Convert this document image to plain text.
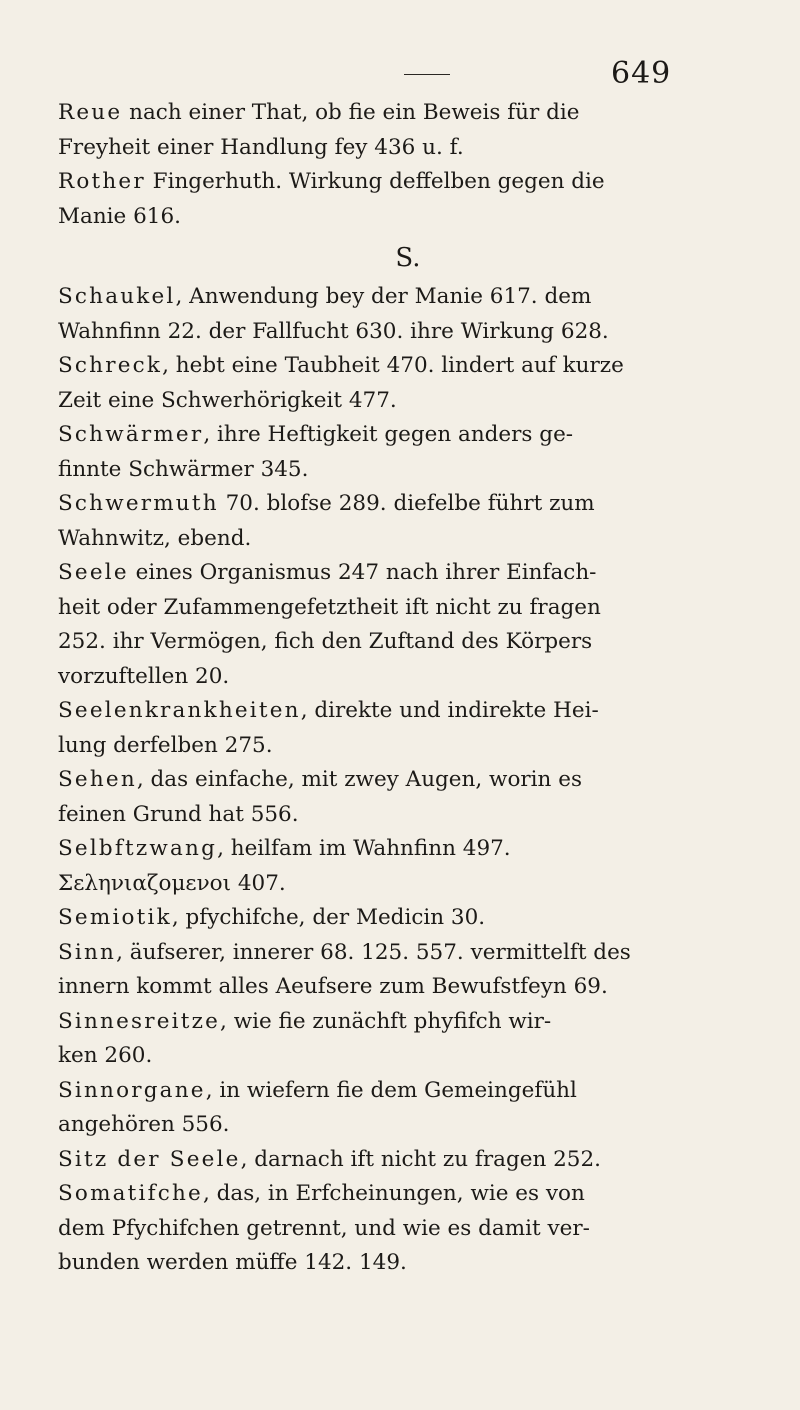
649

Reue nach einer That, ob fie ein Beweis für die
Freyheit einer Handlung fey 436 u. f.

Rother Fingerhuth. Wirkung deffelben gegen die
Manie 616.

S.

Schaukel, Anwendung bey der Manie 617. dem
Wahnfinn 22. der Fallfucht 630. ihre Wirkung 628.

Schreck, hebt eine Taubheit 470. lindert auf kurze
Zeit eine Schwerhörigkeit 477.

Schwärmer, ihre Heftigkeit gegen anders ge-
finnte Schwärmer 345.

Schwermuth 70. blofse 289. diefelbe führt zum
Wahnwitz, ebend.

Seele eines Organismus 247 nach ihrer Einfach-
heit oder Zufammengefetztheit ift nicht zu fragen
252. ihr Vermögen, fich den Zuftand des Körpers
vorzuftellen 20.

Seelenkrankheiten, direkte und indirekte Hei-
lung derfelben 275.

Sehen, das einfache, mit zwey Augen, worin es
feinen Grund hat 556.

Selbftzwang, heilfam im Wahnfinn 497.

Σεληνιαζομενοι 407.

Semiotik, pfychifche, der Medicin 30.

Sinn, äufserer, innerer 68. 125. 557. vermittelft des
innern kommt alles Aeufsere zum Bewufstfeyn 69.

Sinnesreitze, wie fie zunächft phyfifch wir-
ken 260.

Sinnorgane, in wiefern fie dem Gemeingefühl
angehören 556.

Sitz der Seele, darnach ift nicht zu fragen 252.

Somatifche, das, in Erfcheinungen, wie es von
dem Pfychifchen getrennt, und wie es damit ver-
bunden werden müffe 142. 149.
